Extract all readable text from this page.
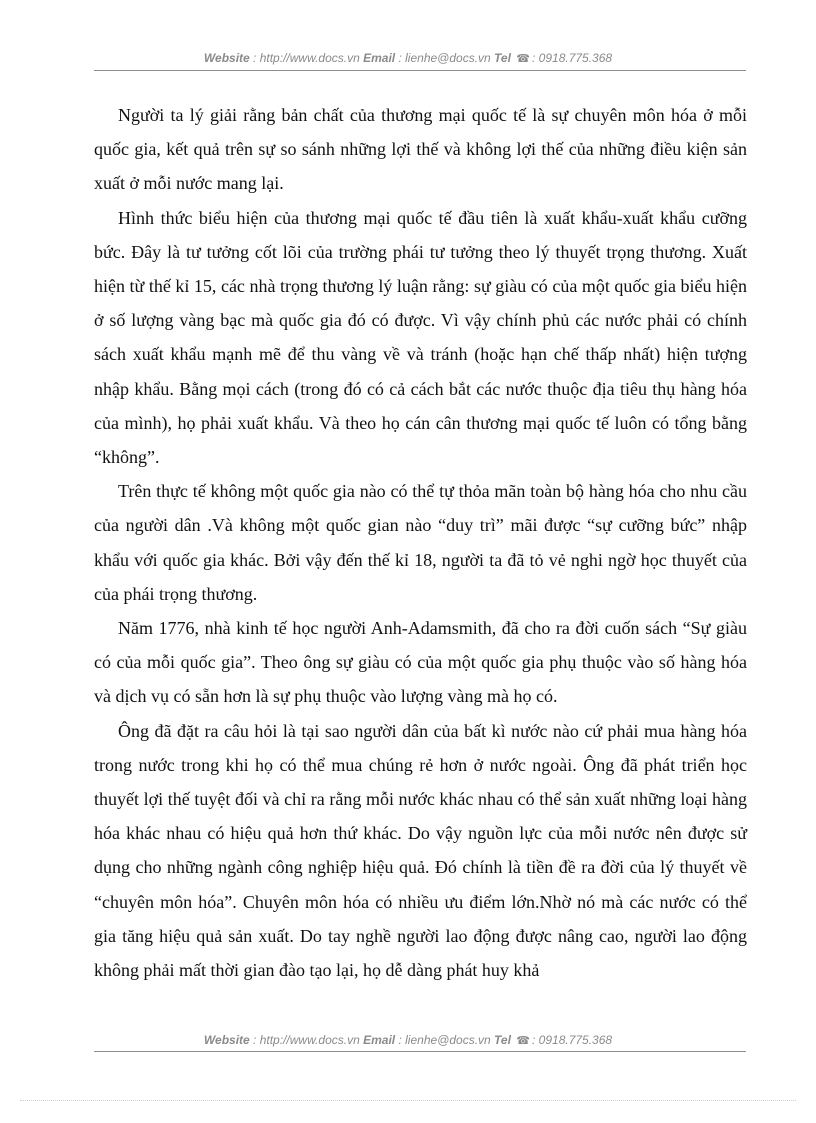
Website : http://www.docs.vn Email : lienhe@docs.vn Tel ☎ : 0918.775.368

Người ta lý giải rằng bản chất của thương mại quốc tế là sự chuyên môn hóa ở mỗi quốc gia, kết quả trên sự so sánh những lợi thế và không lợi thế của những điều kiện sản xuất ở mỗi nước mang lại.

Hình thức biểu hiện của thương mại quốc tế đầu tiên là xuất khẩu-xuất khẩu cưỡng bức. Đây là tư tưởng cốt lõi của trường phái tư tưởng theo lý thuyết trọng thương. Xuất hiện từ thế kỉ 15, các nhà trọng thương lý luận rằng: sự giàu có của một quốc gia biểu hiện ở số lượng vàng bạc mà quốc gia đó có được. Vì vậy chính phủ các nước phải có chính sách xuất khẩu mạnh mẽ để thu vàng về và tránh (hoặc hạn chế thấp nhất) hiện tượng nhập khẩu. Bằng mọi cách (trong đó có cả cách bắt các nước thuộc địa tiêu thụ hàng hóa của mình), họ phải xuất khẩu. Và theo họ cán cân thương mại quốc tế luôn có tổng bằng “không”.

Trên thực tế không một quốc gia nào có thể tự thỏa mãn toàn bộ hàng hóa cho nhu cầu của người dân .Và không một quốc gian nào “duy trì” mãi được “sự cưỡng bức” nhập khẩu với quốc gia khác. Bởi vậy đến thế kỉ 18, người ta đã tỏ vẻ nghi ngờ học thuyết của của phái trọng thương.

Năm 1776, nhà kinh tế học người Anh-Adamsmith, đã cho ra đời cuốn sách “Sự giàu có của mỗi quốc gia”. Theo ông sự giàu có của một quốc gia phụ thuộc vào số hàng hóa và dịch vụ có sẵn hơn là sự phụ thuộc vào lượng vàng mà họ có.

Ông đã đặt ra câu hỏi là tại sao người dân của bất kì nước nào cứ phải mua hàng hóa trong nước trong khi họ có thể mua chúng rẻ hơn ở nước ngoài. Ông đã phát triển học thuyết lợi thế tuyệt đối và chỉ ra rằng mỗi nước khác nhau có thể sản xuất những loại hàng hóa khác nhau có hiệu quả hơn thứ khác. Do vậy nguồn lực của mỗi nước nên được sử dụng cho những ngành công nghiệp hiệu quả. Đó chính là tiền đề ra đời của lý thuyết về “chuyên môn hóa”. Chuyên môn hóa có nhiều ưu điểm lớn.Nhờ nó mà các nước có thể gia tăng hiệu quả sản xuất. Do tay nghề người lao động được nâng cao, người lao động không phải mất thời gian đào tạo lại, họ dễ dàng phát huy khả

Website : http://www.docs.vn Email : lienhe@docs.vn Tel ☎ : 0918.775.368
